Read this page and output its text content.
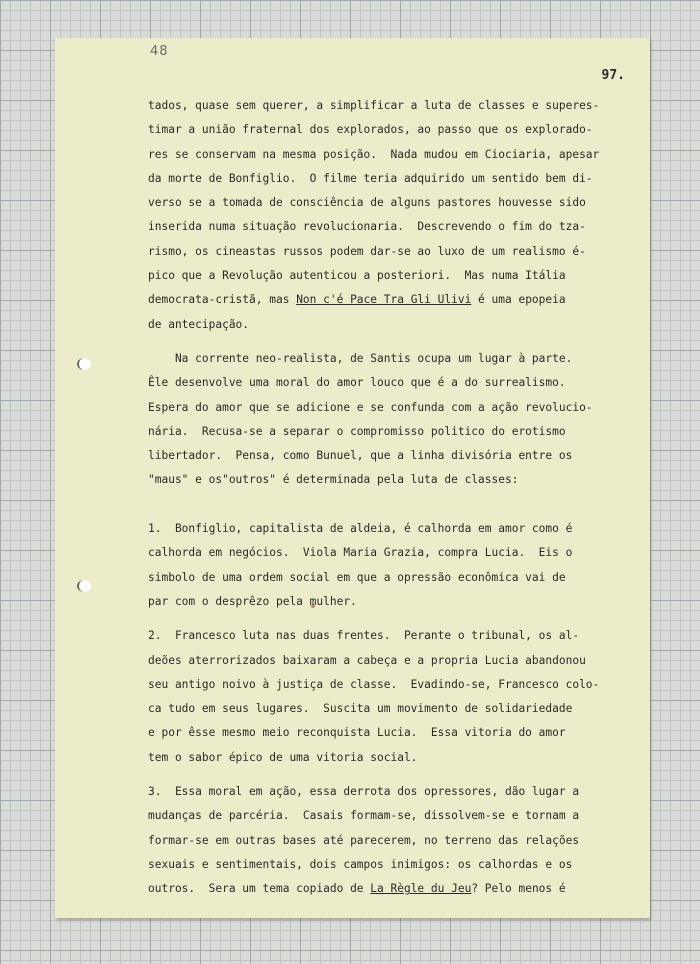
48
97.
tados, quase sem querer, a simplificar a luta de classes e superes-
timar a união fraternal dos explorados, ao passo que os explorado-
res se conservam na mesma posição.  Nada mudou em Ciociaria, apesar
da morte de Bonfiglio.  O filme teria adquirido um sentido bem di-
verso se a tomada de consciência de alguns pastores houvesse sido
inserida numa situação revolucionaria.  Descrevendo o fim do tza-
rismo, os cineastas russos podem dar-se ao luxo de um realismo é-
pico que a Revolução autenticou a posteriori.  Mas numa Itália
democrata-cristã, mas Non c'é Pace Tra Gli Ulivi é uma epopeia
de antecipação.
Na corrente neo-realista, de Santis ocupa um lugar à parte.
Êle desenvolve uma moral do amor louco que é a do surrealismo.
Espera do amor que se adicione e se confunda com a ação revolucio-
nária.  Recusa-se a separar o compromisso politico do erotismo
libertador.  Pensa, como Bunuel, que a linha divisória entre os
"maus" e os"outros" é determinada pela luta de classes:
1.  Bonfiglio, capitalista de aldeia, é calhorda em amor como é
calhorda em negócios.  Viola Maria Grazia, compra Lucia.  Eis o
simbolo de uma ordem social em que a opressão econômica vai de
par com o desprêzo pela mulher.
2.  Francesco luta nas duas frentes.  Perante o tribunal, os al-
deões aterrorizados baixaram a cabeça e a propria Lucia abandonou
seu antigo noivo à justiça de classe.  Evadindo-se, Francesco colo-
ca tudo em seus lugares.  Suscita um movimento de solidariedade
e por êsse mesmo meio reconquista Lucia.  Essa vitoria do amor
tem o sabor épico de uma vitoria social.
3.  Essa moral em ação, essa derrota dos opressores, dão lugar a
mudanças de parcéria.  Casais formam-se, dissolvem-se e tornam a
formar-se em outras bases até parecerem, no terreno das relações
sexuais e sentimentais, dois campos inimigos: os calhordas e os
outros.  Sera um tema copiado de La Règle du Jeu? Pelo menos é
